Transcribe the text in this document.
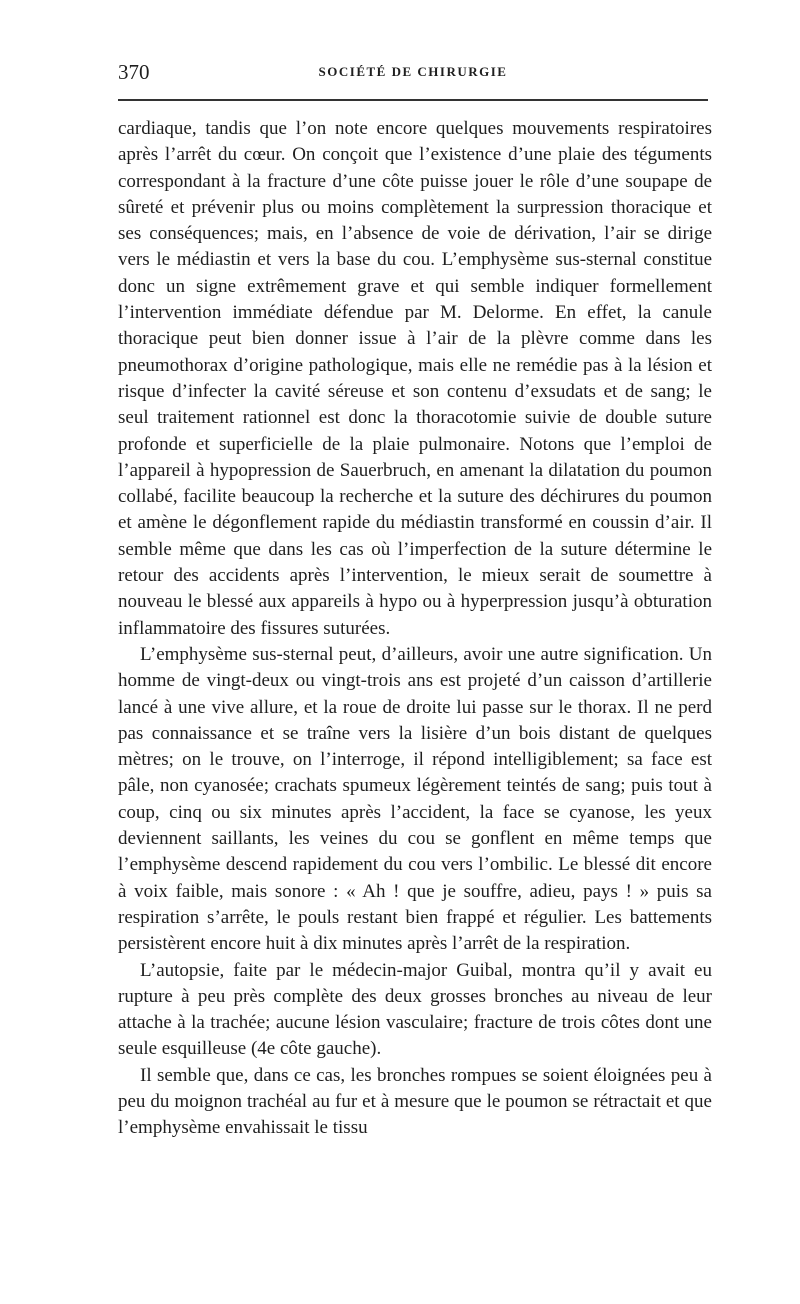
370	SOCIÉTÉ DE CHIRURGIE

cardiaque, tandis que l’on note encore quelques mouvements respiratoires après l’arrêt du cœur. On conçoit que l’existence d’une plaie des téguments correspondant à la fracture d’une côte puisse jouer le rôle d’une soupape de sûreté et prévenir plus ou moins complètement la surpression thoracique et ses conséquences; mais, en l’absence de voie de dérivation, l’air se dirige vers le médiastin et vers la base du cou. L’emphysème sus-sternal constitue donc un signe extrêmement grave et qui semble indiquer formellement l’intervention immédiate défendue par M. Delorme. En effet, la canule thoracique peut bien donner issue à l’air de la plèvre comme dans les pneumothorax d’origine pathologique, mais elle ne remédie pas à la lésion et risque d’infecter la cavité séreuse et son contenu d’exsudats et de sang; le seul traitement rationnel est donc la thoracotomie suivie de double suture profonde et superficielle de la plaie pulmonaire. Notons que l’emploi de l’appareil à hypopression de Sauerbruch, en amenant la dilatation du poumon collabé, facilite beaucoup la recherche et la suture des déchirures du poumon et amène le dégonflement rapide du médiastin transformé en coussin d’air. Il semble même que dans les cas où l’imperfection de la suture détermine le retour des accidents après l’intervention, le mieux serait de soumettre à nouveau le blessé aux appareils à hypo ou à hyperpression jusqu’à obturation inflammatoire des fissures suturées.

L’emphysème sus-sternal peut, d’ailleurs, avoir une autre signification. Un homme de vingt-deux ou vingt-trois ans est projeté d’un caisson d’artillerie lancé à une vive allure, et la roue de droite lui passe sur le thorax. Il ne perd pas connaissance et se traîne vers la lisière d’un bois distant de quelques mètres; on le trouve, on l’interroge, il répond intelligiblement; sa face est pâle, non cyanosée; crachats spumeux légèrement teintés de sang; puis tout à coup, cinq ou six minutes après l’accident, la face se cyanose, les yeux deviennent saillants, les veines du cou se gonflent en même temps que l’emphysème descend rapidement du cou vers l’ombilic. Le blessé dit encore à voix faible, mais sonore : « Ah ! que je souffre, adieu, pays ! » puis sa respiration s’arrête, le pouls restant bien frappé et régulier. Les battements persistèrent encore huit à dix minutes après l’arrêt de la respiration.

L’autopsie, faite par le médecin-major Guibal, montra qu’il y avait eu rupture à peu près complète des deux grosses bronches au niveau de leur attache à la trachée; aucune lésion vasculaire; fracture de trois côtes dont une seule esquilleuse (4e côte gauche).

Il semble que, dans ce cas, les bronches rompues se soient éloignées peu à peu du moignon trachéal au fur et à mesure que le poumon se rétractait et que l’emphysème envahissait le tissu
